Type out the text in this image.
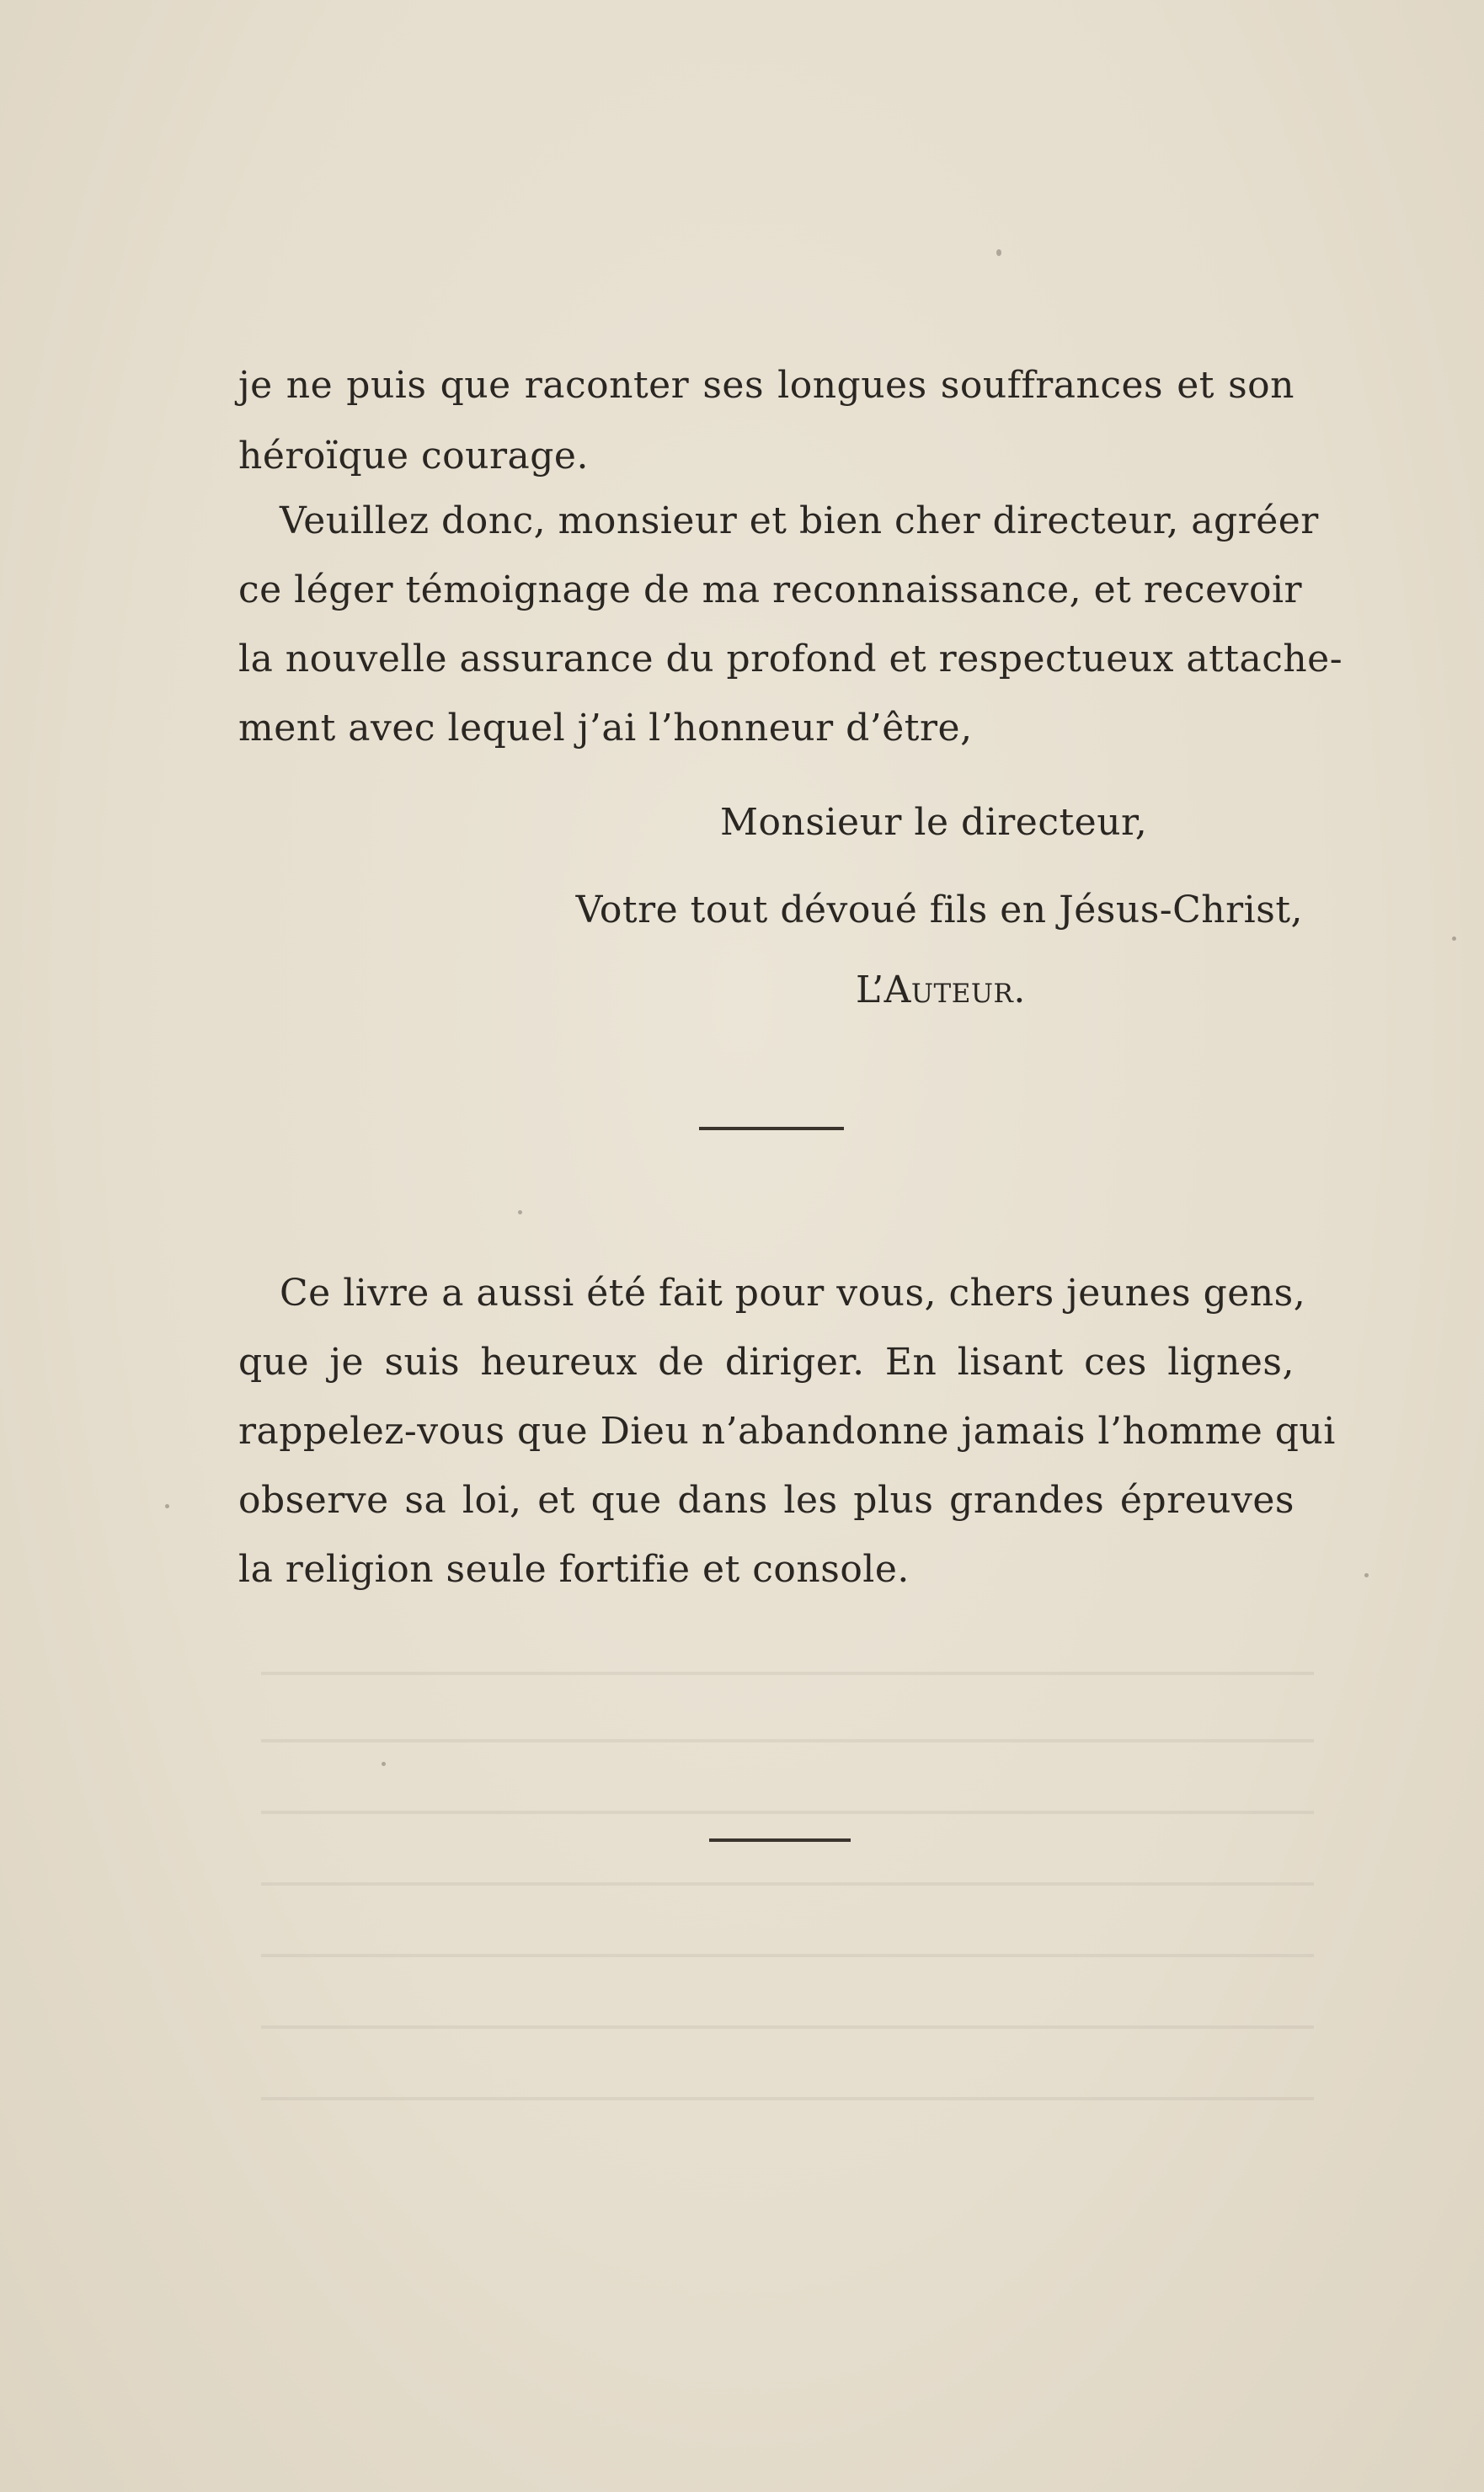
je ne puis que raconter ses longues souffrances et son
héroïque courage.
Veuillez donc, monsieur et bien cher directeur, agréer
ce léger témoignage de ma reconnaissance, et recevoir
la nouvelle assurance du profond et respectueux attache-
ment avec lequel j’ai l’honneur d’être,
Monsieur le directeur,
Votre tout dévoué fils en Jésus-Christ,
L’Auteur.
Ce livre a aussi été fait pour vous, chers jeunes gens,
que je suis heureux de diriger. En lisant ces lignes,
rappelez-vous que Dieu n’abandonne jamais l’homme qui
observe sa loi, et que dans les plus grandes épreuves
la religion seule fortifie et console.
